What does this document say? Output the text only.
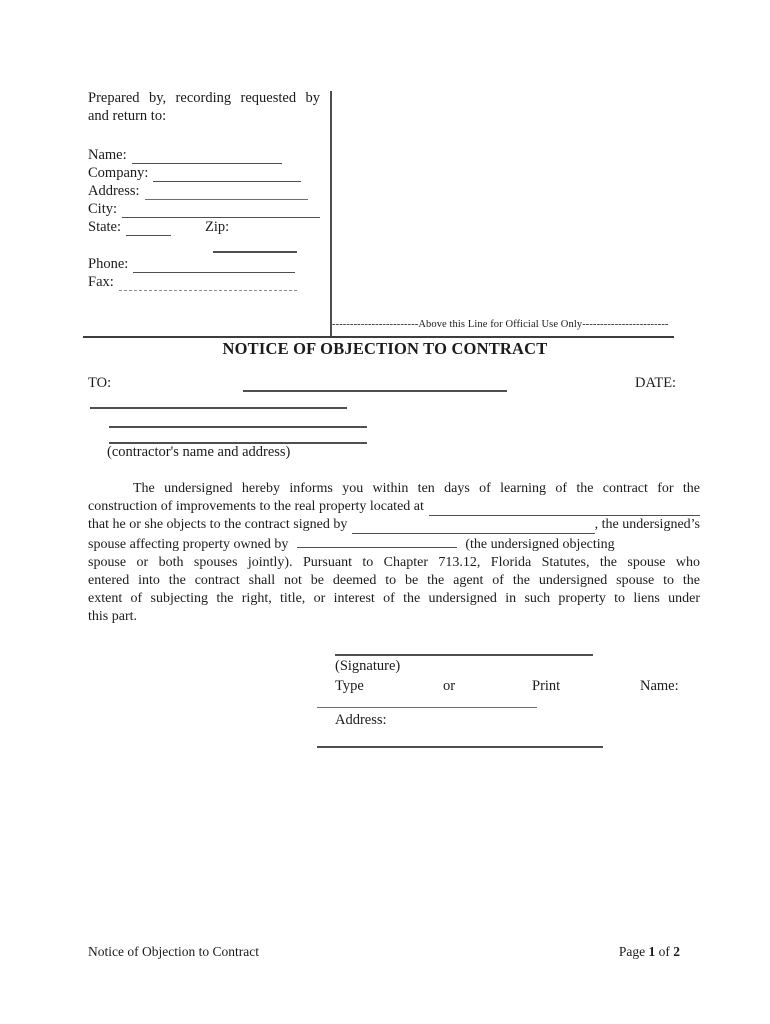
Prepared by, recording requested by
and return to:
Name:
Company:
Address:
City:
State:	Zip:
Phone:
Fax:
------------------------Above this Line for Official Use Only------------------------
NOTICE OF OBJECTION TO CONTRACT
TO:	DATE:
(contractor's name and address)
The undersigned hereby informs you within ten days of learning of the contract for the
construction of improvements to the real property located at
that he or she objects to the contract signed by	, the undersigned’s
spouse affecting property owned by	(the undersigned objecting
spouse or both spouses jointly). Pursuant to Chapter 713.12, Florida Statutes, the spouse who
entered into the contract shall not be deemed to be the agent of the undersigned spouse to the
extent of subjecting the right, title, or interest of the undersigned in such property to liens under
this part.
(Signature)
Type	or	Print	Name:
Address:
Notice of Objection to Contract	Page 1 of 2
